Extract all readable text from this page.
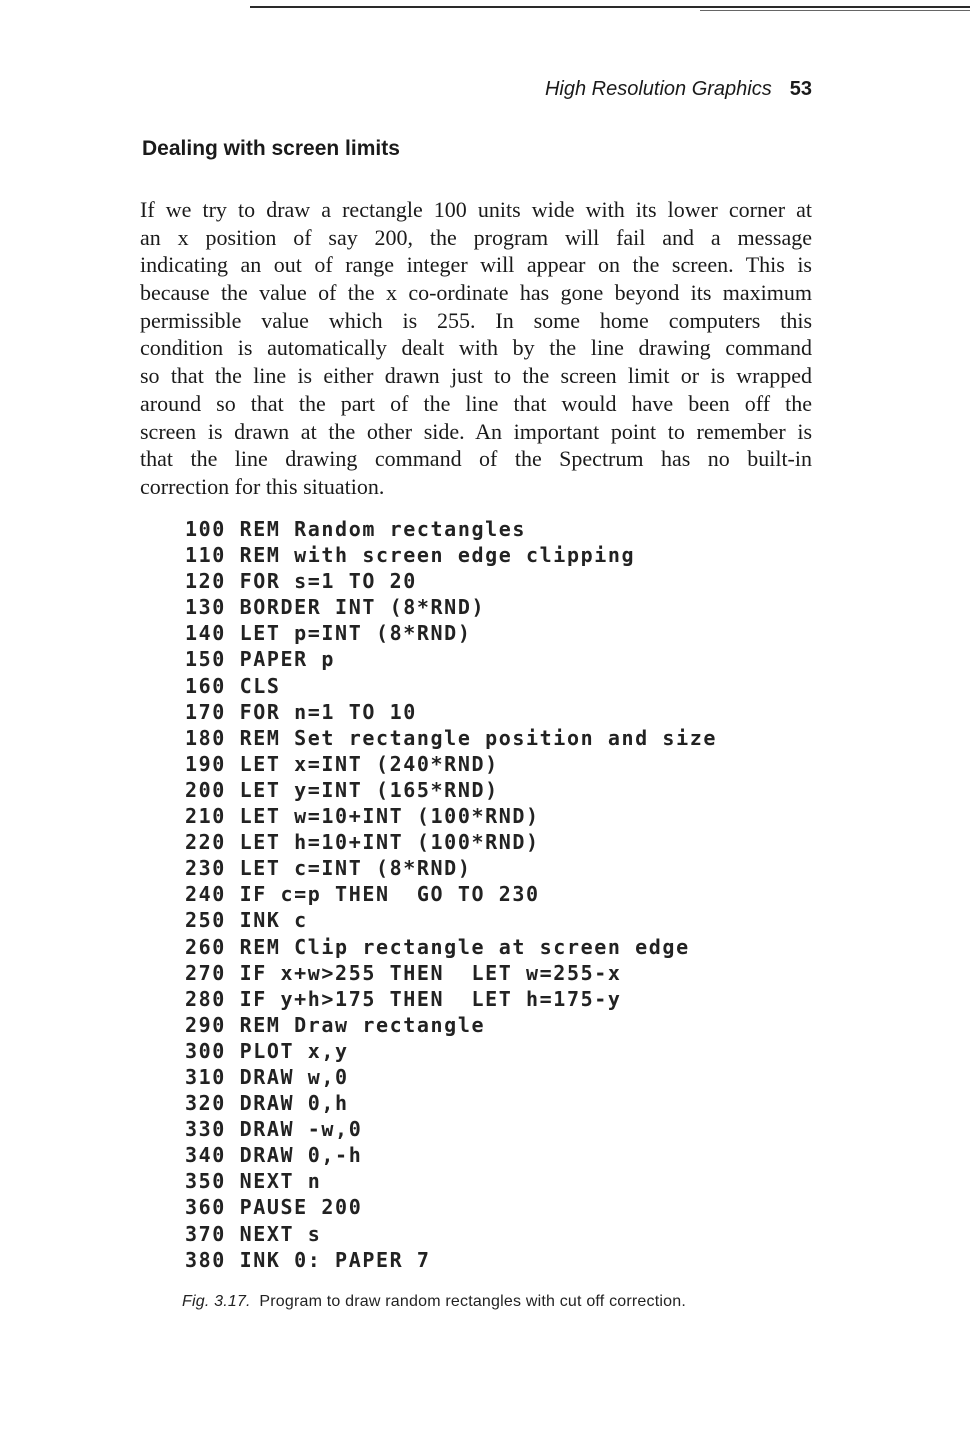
High Resolution Graphics 53
Dealing with screen limits
If we try to draw a rectangle 100 units wide with its lower corner at
an x position of say 200, the program will fail and a message
indicating an out of range integer will appear on the screen. This is
because the value of the x co-ordinate has gone beyond its maximum
permissible value which is 255. In some home computers this
condition is automatically dealt with by the line drawing command
so that the line is either drawn just to the screen limit or is wrapped
around so that the part of the line that would have been off the
screen is drawn at the other side. An important point to remember is
that the line drawing command of the Spectrum has no built-in
correction for this situation.
100 REM Random rectangles
110 REM with screen edge clipping
120 FOR s=1 TO 20
130 BORDER INT (8*RND)
140 LET p=INT (8*RND)
150 PAPER p
160 CLS
170 FOR n=1 TO 10
180 REM Set rectangle position and size
190 LET x=INT (240*RND)
200 LET y=INT (165*RND)
210 LET w=10+INT (100*RND)
220 LET h=10+INT (100*RND)
230 LET c=INT (8*RND)
240 IF c=p THEN  GO TO 230
250 INK c
260 REM Clip rectangle at screen edge
270 IF x+w>255 THEN  LET w=255-x
280 IF y+h>175 THEN  LET h=175-y
290 REM Draw rectangle
300 PLOT x,y
310 DRAW w,0
320 DRAW 0,h
330 DRAW -w,0
340 DRAW 0,-h
350 NEXT n
360 PAUSE 200
370 NEXT s
380 INK 0: PAPER 7
Fig. 3.17. Program to draw random rectangles with cut off correction.
